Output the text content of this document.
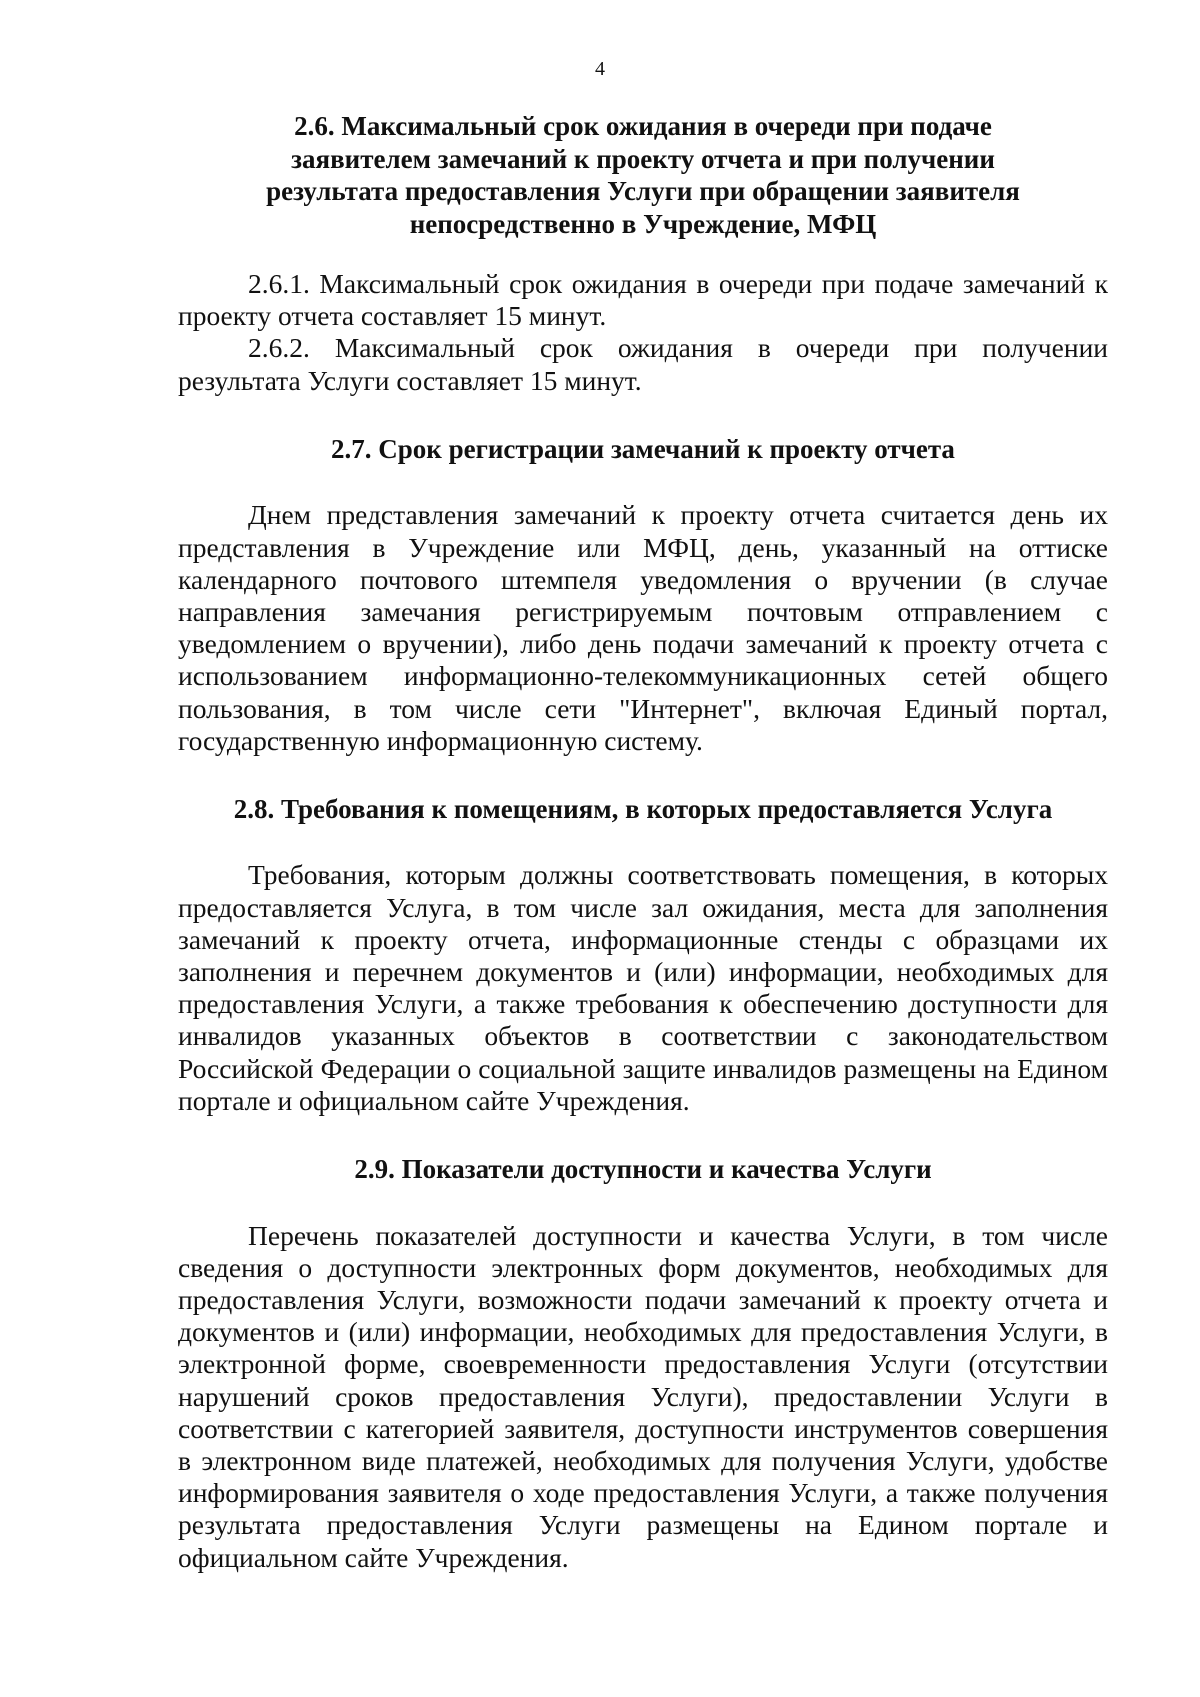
4

2.6. Максимальный срок ожидания в очереди при подаче
заявителем замечаний к проекту отчета и при получении
результата предоставления Услуги при обращении заявителя
непосредственно в Учреждение, МФЦ

2.6.1. Максимальный срок ожидания в очереди при подаче замечаний к проекту отчета составляет 15 минут.

2.6.2. Максимальный срок ожидания в очереди при получении результата Услуги составляет 15 минут.

2.7. Срок регистрации замечаний к проекту отчета

Днем представления замечаний к проекту отчета считается день их представления в Учреждение или МФЦ, день, указанный на оттиске календарного почтового штемпеля уведомления о вручении (в случае направления замечания регистрируемым почтовым отправлением с уведомлением о вручении), либо день подачи замечаний к проекту отчета с использованием информационно-телекоммуникационных сетей общего пользования, в том числе сети "Интернет", включая Единый портал, государственную информационную систему.

2.8. Требования к помещениям, в которых предоставляется Услуга

Требования, которым должны соответствовать помещения, в которых предоставляется Услуга, в том числе зал ожидания, места для заполнения замечаний к проекту отчета, информационные стенды с образцами их заполнения и перечнем документов и (или) информации, необходимых для предоставления Услуги, а также требования к обеспечению доступности для инвалидов указанных объектов в соответствии с законодательством Российской Федерации о социальной защите инвалидов размещены на Едином портале и официальном сайте Учреждения.

2.9. Показатели доступности и качества Услуги

Перечень показателей доступности и качества Услуги, в том числе сведения о доступности электронных форм документов, необходимых для предоставления Услуги, возможности подачи замечаний к проекту отчета и документов и (или) информации, необходимых для предоставления Услуги, в электронной форме, своевременности предоставления Услуги (отсутствии нарушений сроков предоставления Услуги), предоставлении Услуги в соответствии с категорией заявителя, доступности инструментов совершения в электронном виде платежей, необходимых для получения Услуги, удобстве информирования заявителя о ходе предоставления Услуги, а также получения результата предоставления Услуги размещены на Едином портале и официальном сайте Учреждения.
